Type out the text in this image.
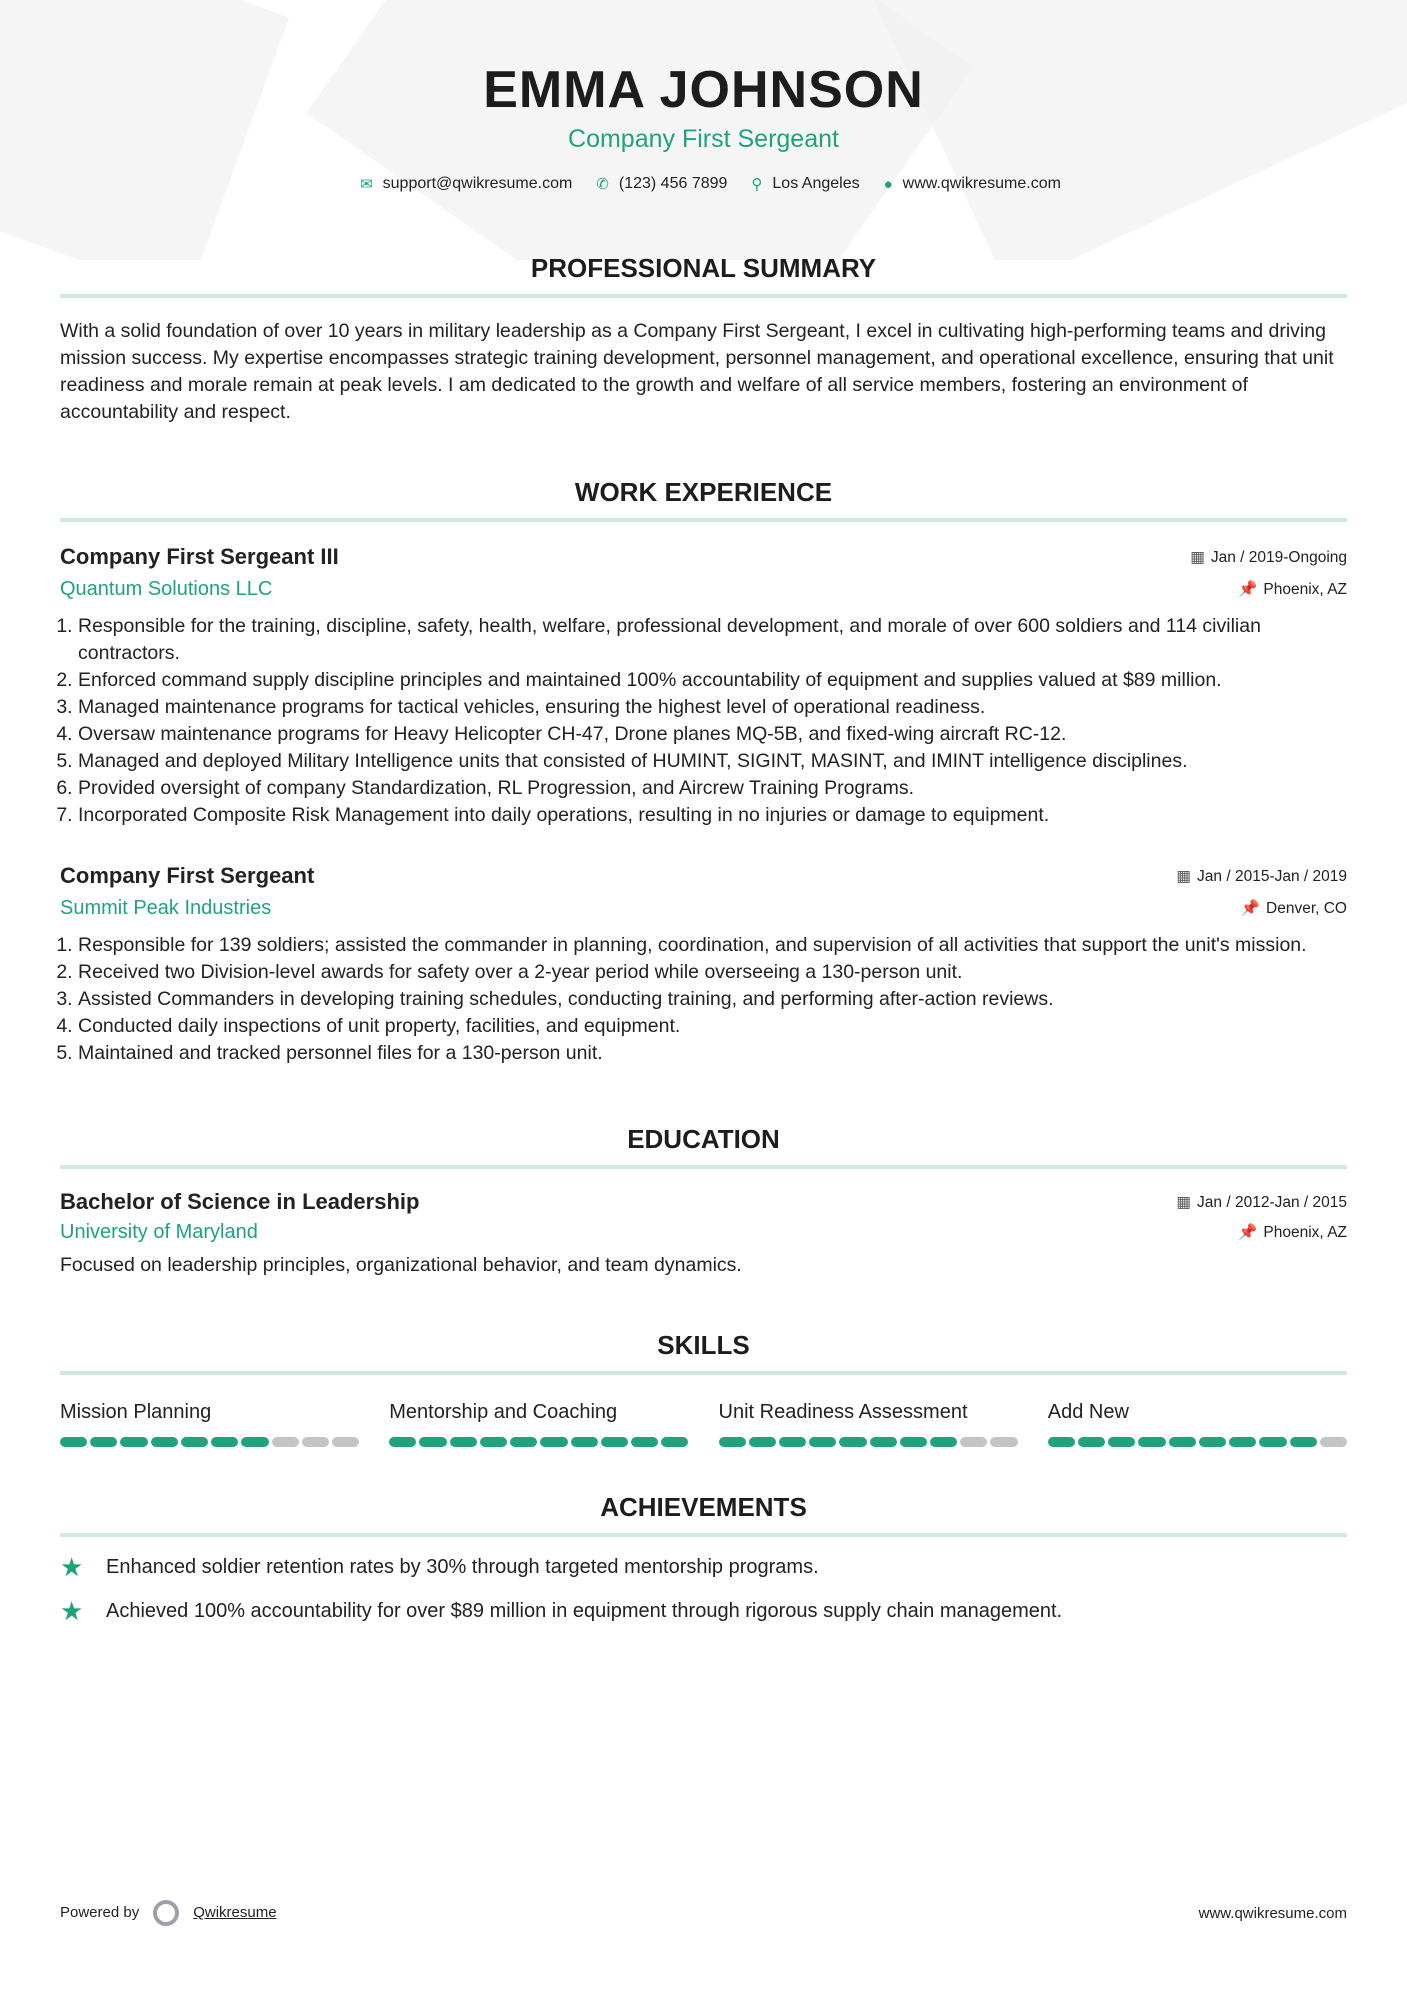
EMMA JOHNSON
Company First Sergeant
✉ support@qwikresume.com ✆ (123) 456 7899 ⚲ Los Angeles ● www.qwikresume.com
PROFESSIONAL SUMMARY

With a solid foundation of over 10 years in military leadership as a Company First Sergeant, I excel in cultivating high-performing teams and driving mission success. My expertise encompasses strategic training development, personnel management, and operational excellence, ensuring that unit readiness and morale remain at peak levels. I am dedicated to the growth and welfare of all service members, fostering an environment of accountability and respect.

WORK EXPERIENCE
Company First Sergeant III	▦ Jan / 2019-Ongoing
Quantum Solutions LLC	📌 Phoenix, AZ
1. Responsible for the training, discipline, safety, health, welfare, professional development, and morale of over 600 soldiers and 114 civilian contractors.
2. Enforced command supply discipline principles and maintained 100% accountability of equipment and supplies valued at $89 million.
3. Managed maintenance programs for tactical vehicles, ensuring the highest level of operational readiness.
4. Oversaw maintenance programs for Heavy Helicopter CH-47, Drone planes MQ-5B, and fixed-wing aircraft RC-12.
5. Managed and deployed Military Intelligence units that consisted of HUMINT, SIGINT, MASINT, and IMINT intelligence disciplines.
6. Provided oversight of company Standardization, RL Progression, and Aircrew Training Programs.
7. Incorporated Composite Risk Management into daily operations, resulting in no injuries or damage to equipment.
Company First Sergeant	▦ Jan / 2015-Jan / 2019
Summit Peak Industries	📌 Denver, CO
1. Responsible for 139 soldiers; assisted the commander in planning, coordination, and supervision of all activities that support the unit's mission.
2. Received two Division-level awards for safety over a 2-year period while overseeing a 130-person unit.
3. Assisted Commanders in developing training schedules, conducting training, and performing after-action reviews.
4. Conducted daily inspections of unit property, facilities, and equipment.
5. Maintained and tracked personnel files for a 130-person unit.
EDUCATION
Bachelor of Science in Leadership	▦ Jan / 2012-Jan / 2015
University of Maryland	📌 Phoenix, AZ

Focused on leadership principles, organizational behavior, and team dynamics.

SKILLS
Mission Planning	Mentorship and Coaching	Unit Readiness Assessment	Add New
ACHIEVEMENTS
★	Enhanced soldier retention rates by 30% through targeted mentorship programs.
★	Achieved 100% accountability for over $89 million in equipment through rigorous supply chain management.
Powered by	Qwikresume	www.qwikresume.com
